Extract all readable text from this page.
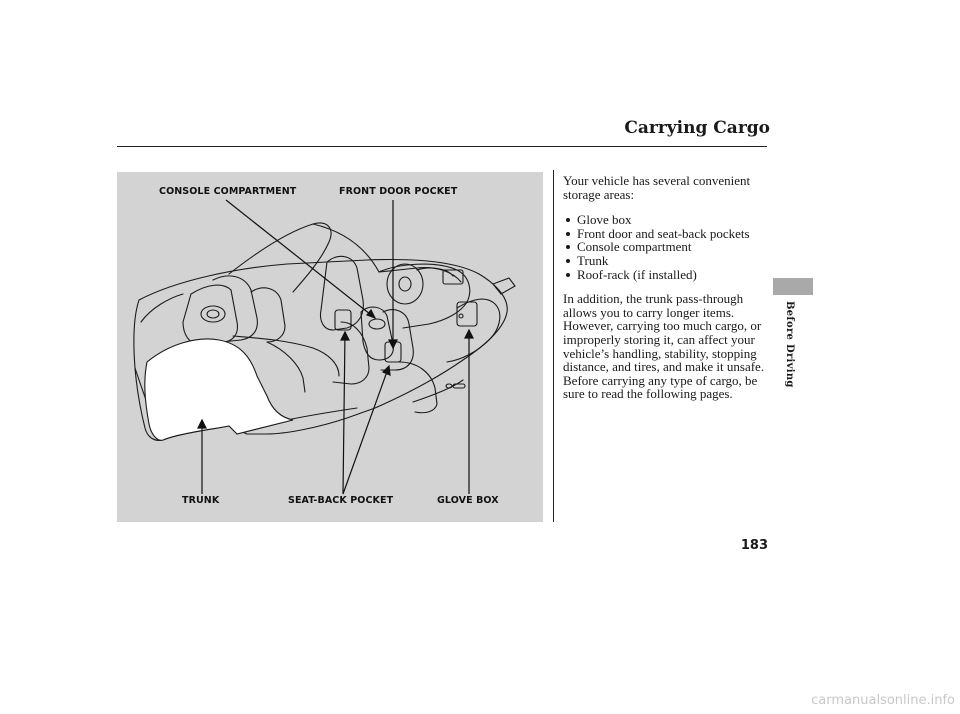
Carrying Cargo
CONSOLE COMPARTMENT	FRONT DOOR POCKET
TRUNK	SEAT-BACK POCKET	GLOVE BOX

Your vehicle has several convenient storage areas:

Glove box
Front door and seat-back pockets
Console compartment
Trunk
Roof-rack (if installed)

In addition, the trunk pass-through allows you to carry longer items. However, carrying too much cargo, or improperly storing it, can affect your vehicle’s handling, stability, stopping distance, and tires, and make it unsafe. Before carrying any type of cargo, be sure to read the following pages.

Before Driving
183
carmanualsonline.info
